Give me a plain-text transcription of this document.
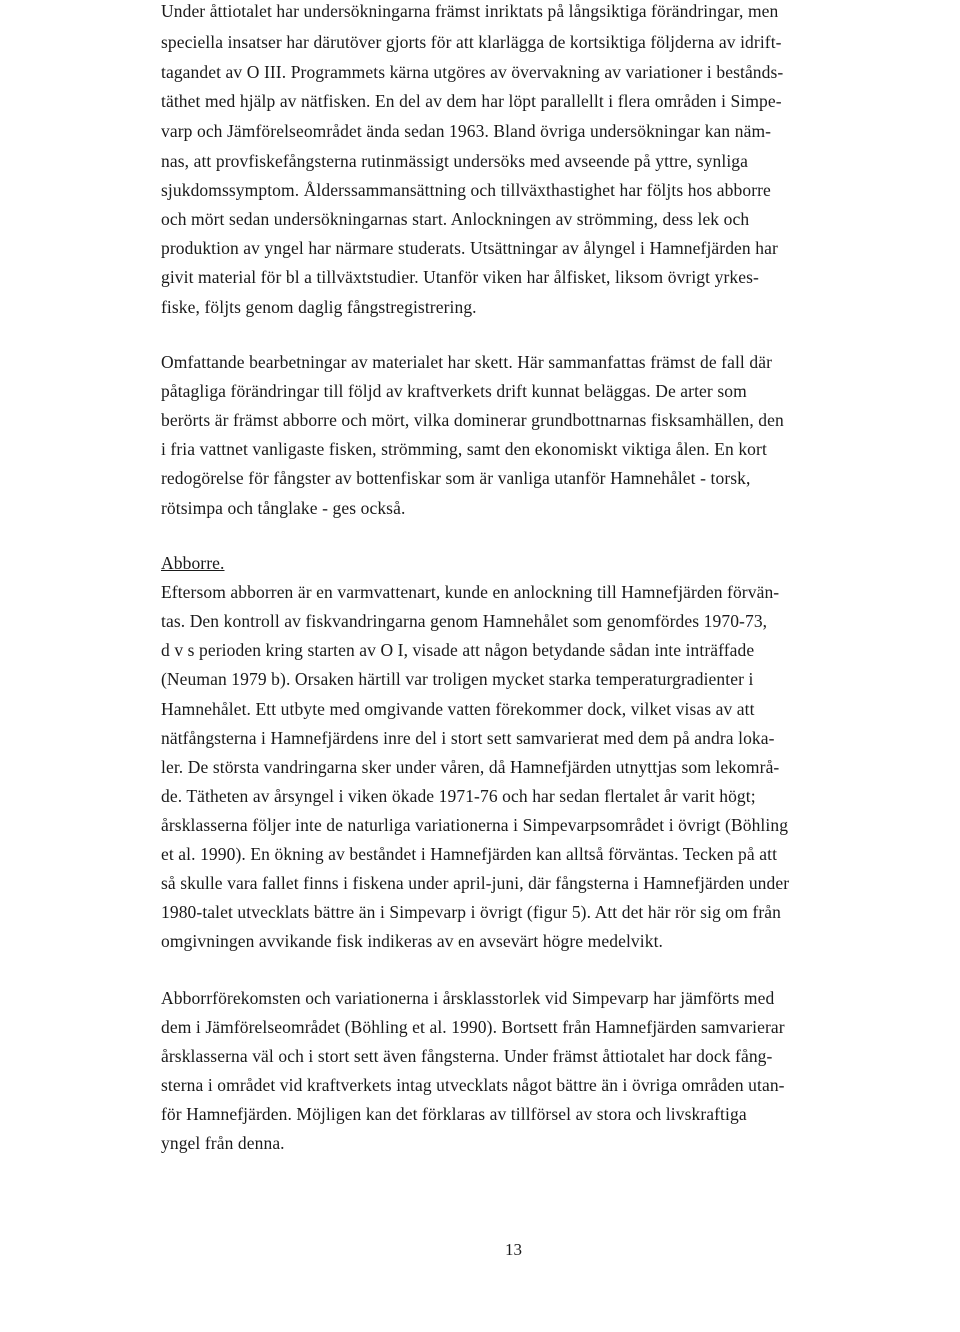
Under åttiotalet har undersökningarna främst inriktats på långsiktiga förändringar, men
speciella insatser har därutöver gjorts för att klarlägga de kortsiktiga följderna av idrift-
tagandet av O III. Programmets kärna utgöres av övervakning av variationer i bestånds-
täthet med hjälp av nätfisken. En del av dem har löpt parallellt i flera områden i Simpe-
varp och Jämförelseområdet ända sedan 1963. Bland övriga undersökningar kan näm-
nas, att provfiskefångsterna rutinmässigt undersöks med avseende på yttre, synliga
sjukdomssymptom. Ålderssammansättning och tillväxthastighet har följts hos abborre
och mört sedan undersökningarnas start. Anlockningen av strömming, dess lek och
produktion av yngel har närmare studerats. Utsättningar av ålyngel i Hamnefjärden har
givit material för bl a tillväxtstudier. Utanför viken har ålfisket, liksom övrigt yrkes-
fiske, följts genom daglig fångstregistrering.
Omfattande bearbetningar av materialet har skett. Här sammanfattas främst de fall där
påtagliga förändringar till följd av kraftverkets drift kunnat beläggas. De arter som
berörts är främst abborre och mört, vilka dominerar grundbottnarnas fisksamhällen, den
i fria vattnet vanligaste fisken, strömming, samt den ekonomiskt viktiga ålen. En kort
redogörelse för fångster av bottenfiskar som är vanliga utanför Hamnehålet - torsk,
rötsimpa och tånglake - ges också.
Abborre.
Eftersom abborren är en varmvattenart, kunde en anlockning till Hamnefjärden förvän-
tas. Den kontroll av fiskvandringarna genom Hamnehålet som genomfördes 1970-73,
d v s perioden kring starten av O I, visade att någon betydande sådan inte inträffade
(Neuman 1979 b). Orsaken härtill var troligen mycket starka temperaturgradienter i
Hamnehålet. Ett utbyte med omgivande vatten förekommer dock, vilket visas av att
nätfångsterna i Hamnefjärdens inre del i stort sett samvarierat med dem på andra loka-
ler. De största vandringarna sker under våren, då Hamnefjärden utnyttjas som lekområ-
de. Tätheten av årsyngel i viken ökade 1971-76 och har sedan flertalet år varit högt;
årsklasserna följer inte de naturliga variationerna i Simpevarpsområdet i övrigt (Böhling
et al. 1990). En ökning av beståndet i Hamnefjärden kan alltså förväntas. Tecken på att
så skulle vara fallet finns i fiskena under april-juni, där fångsterna i Hamnefjärden under
1980-talet utvecklats bättre än i Simpevarp i övrigt (figur 5). Att det här rör sig om från
omgivningen avvikande fisk indikeras av en avsevärt högre medelvikt.
Abborrförekomsten och variationerna i årsklasstorlek vid Simpevarp har jämförts med
dem i Jämförelseområdet (Böhling et al. 1990). Bortsett från Hamnefjärden samvarierar
årsklasserna väl och i stort sett även fångsterna. Under främst åttiotalet har dock fång-
sterna i området vid kraftverkets intag utvecklats något bättre än i övriga områden utan-
för Hamnefjärden. Möjligen kan det förklaras av tillförsel av stora och livskraftiga
yngel från denna.
13
